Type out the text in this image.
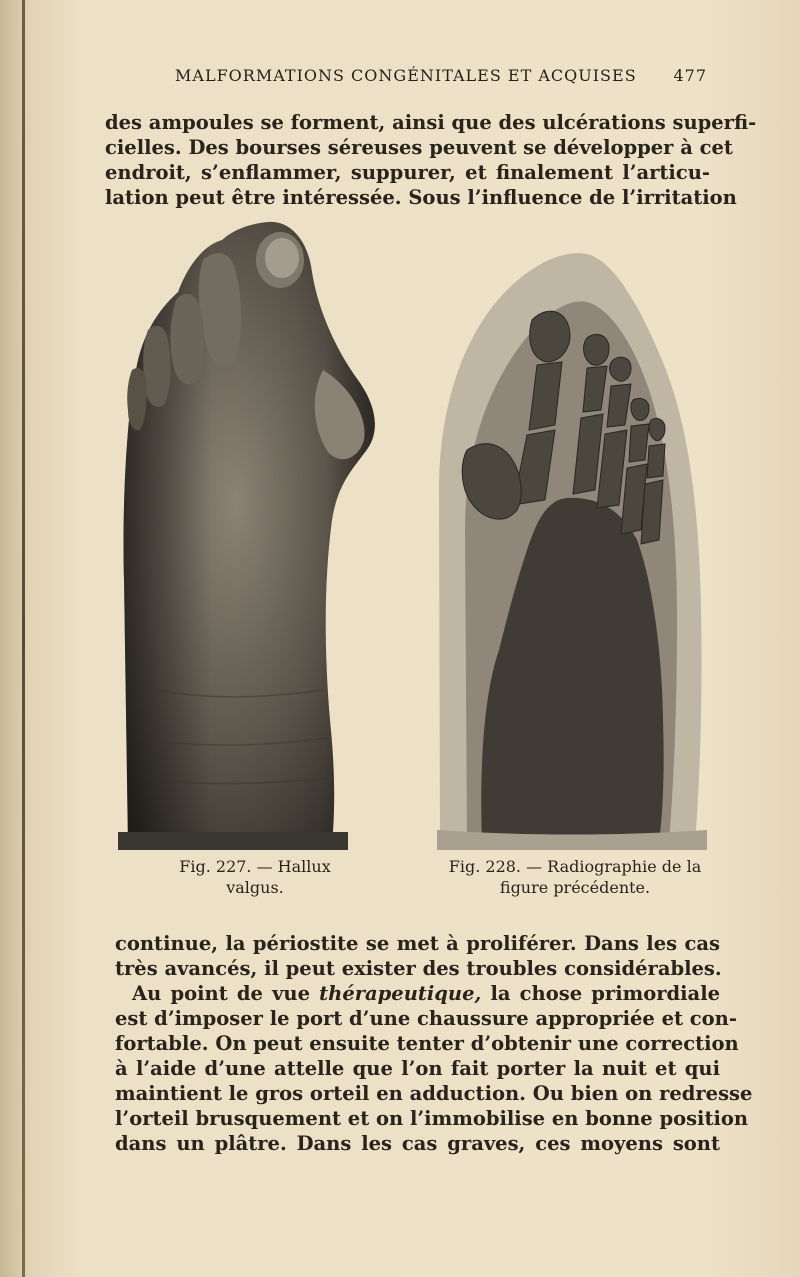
MALFORMATIONS CONGÉNITALES ET ACQUISES 477
des ampoules se forment, ainsi que des ulcérations superfi-
cielles. Des bourses séreuses peuvent se développer à cet
endroit, s’enflammer, suppurer, et finalement l’articu-
lation peut être intéressée. Sous l’influence de l’irritation
Fig. 227. — Hallux
valgus.
Fig. 228. — Radiographie de la
figure précédente.
continue, la périostite se met à proliférer. Dans les cas
très avancés, il peut exister des troubles considérables.
Au point de vue thérapeutique, la chose primordiale
est d’imposer le port d’une chaussure appropriée et con-
fortable. On peut ensuite tenter d’obtenir une correction
à l’aide d’une attelle que l’on fait porter la nuit et qui
maintient le gros orteil en adduction. Ou bien on redresse
l’orteil brusquement et on l’immobilise en bonne position
dans un plâtre. Dans les cas graves, ces moyens sont
